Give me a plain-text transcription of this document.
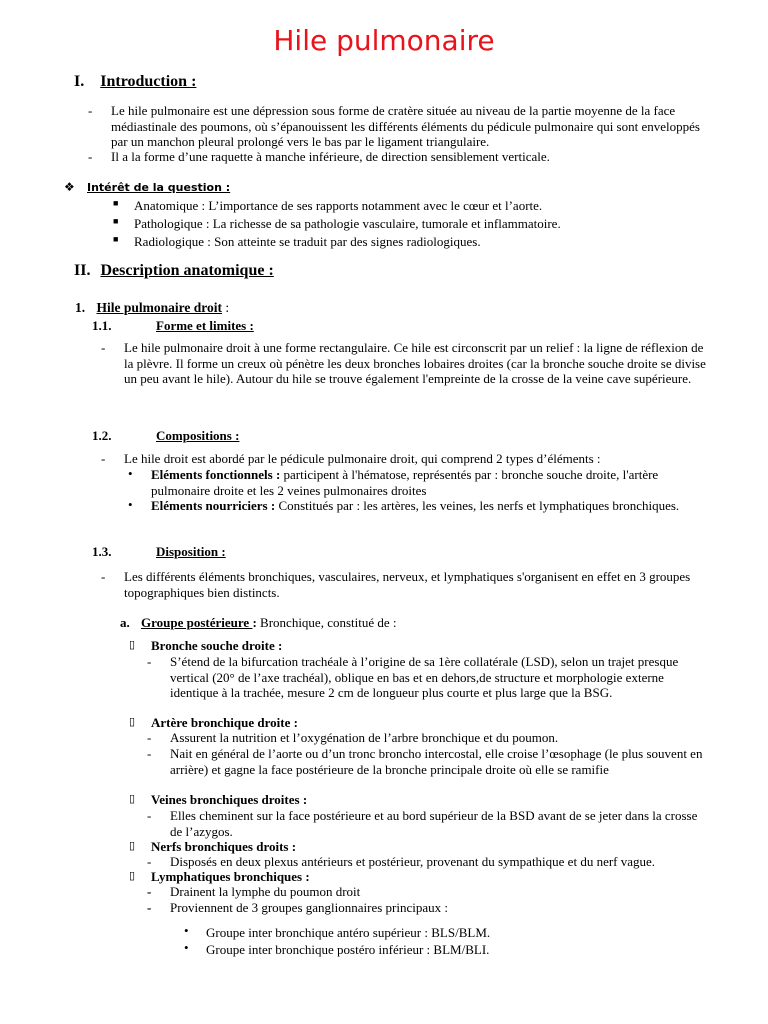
Hile pulmonaire
I. Introduction :
- Le hile pulmonaire est une dépression sous forme de cratère située au niveau de la partie moyenne de la face médiastinale des poumons, où s’épanouissent les différents éléments du pédicule pulmonaire qui sont enveloppés par un manchon pleural prolongé vers le bas par le ligament triangulaire.
- Il a la forme d’une raquette à manche inférieure, de direction sensiblement verticale.
❖ Intérêt de la question :
■ Anatomique : L’importance de ses rapports notamment avec le cœur et l’aorte.
■ Pathologique : La richesse de sa pathologie vasculaire, tumorale et inflammatoire.
■ Radiologique : Son atteinte se traduit par des signes radiologiques.
II. Description anatomique :
1. Hile pulmonaire droit :
1.1.	Forme et limites :
- Le hile pulmonaire droit à une forme rectangulaire. Ce hile est circonscrit par un relief : la ligne de réflexion de la plèvre. Il forme un creux où pénètre les deux bronches lobaires droites (car la bronche souche droite se divise un peu avant le hile). Autour du hile se trouve également l'empreinte de la crosse de la veine cave supérieure.
1.2.	Compositions :
- Le hile droit est abordé par le pédicule pulmonaire droit, qui comprend 2 types d’éléments :
• Eléments fonctionnels : participent à l'hématose, représentés par : bronche souche droite, l'artère pulmonaire droite et les 2 veines pulmonaires droites
• Eléments nourriciers : Constitués par : les artères, les veines, les nerfs et lymphatiques bronchiques.
1.3.	Disposition :
- Les différents éléments bronchiques, vasculaires, nerveux, et lymphatiques s'organisent en effet en 3 groupes topographiques bien distincts.
a. Groupe postérieure : Bronchique, constitué de :
▯ Bronche souche droite :
- S’étend de la bifurcation trachéale à l’origine de sa 1ère collatérale (LSD), selon un trajet presque vertical (20° de l’axe trachéal), oblique en bas et en dehors,de structure et morphologie externe identique à la trachée, mesure 2 cm de longueur plus courte et plus large que la BSG.
▯ Artère bronchique droite :
- Assurent la nutrition et l’oxygénation de l’arbre bronchique et du poumon.
- Nait en général de l’aorte ou d’un tronc broncho intercostal, elle croise l’œsophage (le plus souvent en arrière) et gagne la face postérieure de la bronche principale droite où elle se ramifie
▯ Veines bronchiques droites :
- Elles cheminent sur la face postérieure et au bord supérieur de la BSD avant de se jeter dans la crosse de l’azygos.
▯ Nerfs bronchiques droits :
- Disposés en deux plexus antérieurs et postérieur, provenant du sympathique et du nerf vague.
▯ Lymphatiques bronchiques :
- Drainent la lymphe du poumon droit
- Proviennent de 3 groupes ganglionnaires principaux :
• Groupe inter bronchique antéro supérieur : BLS/BLM.
• Groupe inter bronchique postéro inférieur : BLM/BLI.
